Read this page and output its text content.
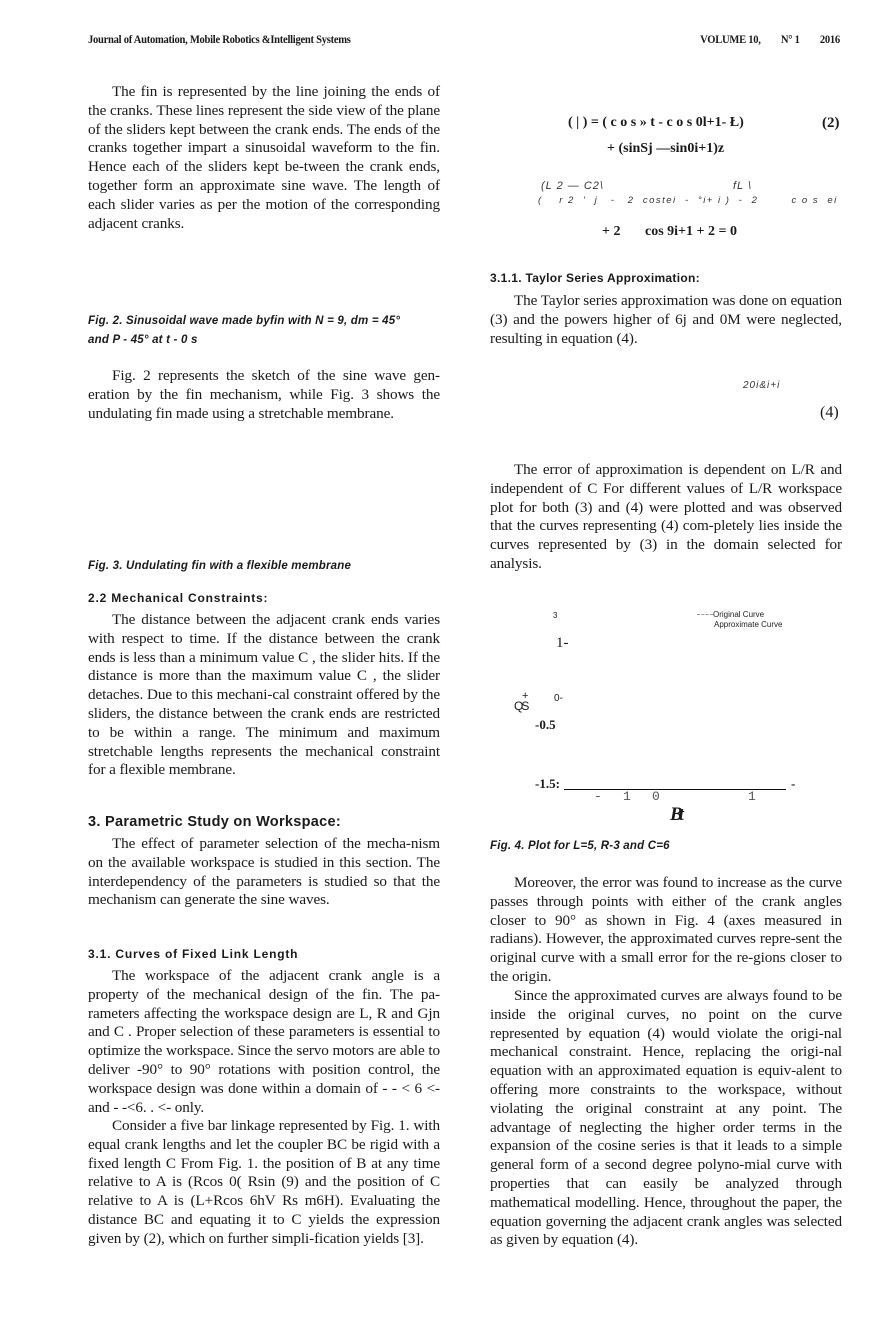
Journal of Automation, Mobile Robotics &Intelligent Systems	VOLUME 10, N° 1 2016

The fin is represented by the line joining the ends of the cranks. These lines represent the side view of the plane of the sliders kept between the crank ends. The ends of the cranks together impart a sinusoidal waveform to the fin. Hence each of the sliders kept be-tween the crank ends, together form an approximate sine wave. The length of each slider varies as per the motion of the corresponding adjacent cranks.

Fig. 2. Sinusoidal wave made byfin with N = 9, dm = 45°
and P - 45° at t - 0 s

Fig. 2 represents the sketch of the sine wave gen-eration by the fin mechanism, while Fig. 3 shows the undulating fin made using a stretchable membrane.

Fig. 3. Undulating fin with a flexible membrane
2.2 Mechanical Constraints:

The distance between the adjacent crank ends varies with respect to time. If the distance between the crank ends is less than a minimum value C , the slider hits. If the distance is more than the maximum value C , the slider detaches. Due to this mechani-cal constraint offered by the sliders, the distance between the crank ends are restricted to be within a range. The minimum and maximum stretchable lengths represents the mechanical constraint for a flexible membrane.

3. Parametric Study on Workspace:

The effect of parameter selection of the mecha-nism on the available workspace is studied in this section. The interdependency of the parameters is studied so that the mechanism can generate the sine waves.

3.1. Curves of Fixed Link Length

The workspace of the adjacent crank angle is a property of the mechanical design of the fin. The pa-rameters affecting the workspace design are L, R and Gjn and C . Proper selection of these parameters is essential to optimize the workspace. Since the servo motors are able to deliver -90° to 90° rotations with position control, the workspace design was done within a domain of - - < 6 <- and - -<6. . <- only.

Consider a five bar linkage represented by Fig. 1. with equal crank lengths and let the coupler BC be rigid with a fixed length C From Fig. 1. the position of B at any time relative to A is (Rcos 0( Rsin (9) and the position of C relative to A is (L+Rcos 6hV Rs m6H). Evaluating the distance BC and equating it to C yields the expression given by (2), which on further simpli-fication yields [3].

( | ) = ( c o s » t - c o s 0l+1- Ł)	(2)
+ (sinSj —sin0i+1)z
(L 2 — C2\	fL \
(    r 2  '  j   -   2  costei  -  °i+ i )  -  2        c o s  ei
+ 2       cos 9i+1 + 2 = 0
3.1.1. Taylor Series Approximation:

The Taylor series approximation was done on equation (3) and the powers higher of 6j and 0M were neglected, resulting in equation (4).

20i&i+i
(4)

The error of approximation is dependent on L/R and independent of C For different values of L/R workspace plot for both (3) and (4) were plotted and was observed that the curves representing (4) com-pletely lies inside the curves represented by (3) in the domain selected for analysis.

Original Curve
Approximate Curve
3
1-
0-
+
QS
-0.5
-1.5:	-
- 1 0	1
Bt
Fig. 4. Plot for L=5, R-3 and C=6

Moreover, the error was found to increase as the curve passes through points with either of the crank angles closer to 90° as shown in Fig. 4 (axes measured in radians). However, the approximated curves repre-sent the original curve with a small error for the re-gions closer to the origin.

Since the approximated curves are always found to be inside the original curves, no point on the curve represented by equation (4) would violate the origi-nal mechanical constraint. Hence, replacing the origi-nal equation with an approximated equation is equiv-alent to offering more constraints to the workspace, without violating the original constraint at any point. The advantage of neglecting the higher order terms in the expansion of the cosine series is that it leads to a simple general form of a second degree polyno-mial curve with properties that can easily be analyzed through mathematical modelling. Hence, throughout the paper, the equation governing the adjacent crank angles was selected as given by equation (4).
